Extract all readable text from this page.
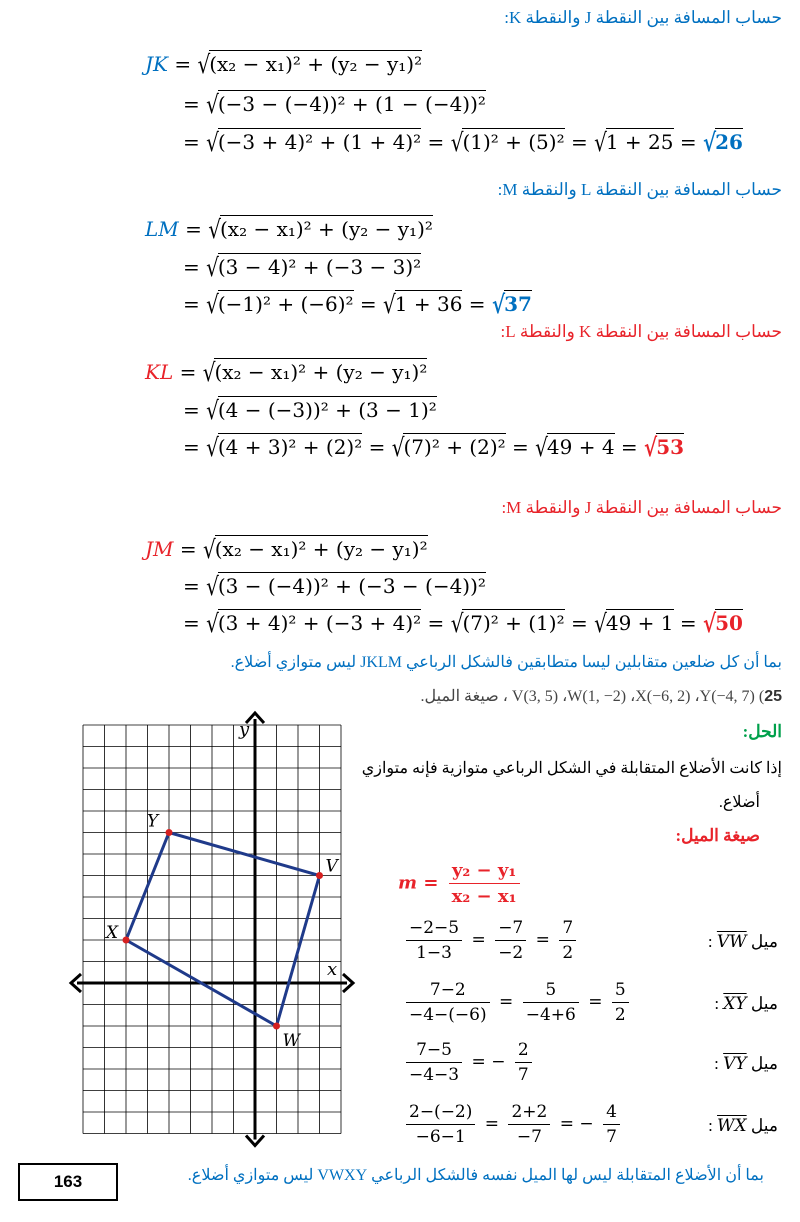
حساب المسافة بين النقطة J والنقطة K:
JK = √(x₂ − x₁)² + (y₂ − y₁)²
= √(−3 − (−4))² + (1 − (−4))²
= √(−3 + 4)² + (1 + 4)² = √(1)² + (5)² = √1 + 25 = √26
حساب المسافة بين النقطة L والنقطة M:
LM = √(x₂ − x₁)² + (y₂ − y₁)²
= √(3 − 4)² + (−3 − 3)²
= √(−1)² + (−6)² = √1 + 36 = √37
حساب المسافة بين النقطة K والنقطة L:
KL = √(x₂ − x₁)² + (y₂ − y₁)²
= √(4 − (−3))² + (3 − 1)²
= √(4 + 3)² + (2)² = √(7)² + (2)² = √49 + 4 = √53
حساب المسافة بين النقطة J والنقطة M:
JM = √(x₂ − x₁)² + (y₂ − y₁)²
= √(3 − (−4))² + (−3 − (−4))²
= √(3 + 4)² + (−3 + 4)² = √(7)² + (1)² = √49 + 1 = √50
بما أن كل ضلعين متقابلين ليسا متطابقين فالشكل الرباعي JKLM ليس متوازي أضلاع.
25) V(3, 5) ،W(1, −2) ،X(−6, 2) ،Y(−4, 7) ، صيغة الميل.
الحل:
إذا كانت الأضلاع المتقابلة في الشكل الرباعي متوازية فإنه متوازي
أضلاع.
صيغة الميل:
$m = \frac{\text{y₂ − y₁}}{\text{x₂ − x₁}}$
$\frac{-2-5}{1-3} = \frac{-7}{-2} = \frac{7}{2}$	ميل $\overline{VW}$ :
$\frac{7-2}{-4-(-6)} = \frac{5}{-4+6} = \frac{5}{2}$	ميل $\overline{XY}$ :
$\frac{7-5}{-4-3}$ = − $\frac{2}{7}$	ميل $\overline{VY}$ :
$\frac{2-(-2)}{-6-1} = \frac{2+2}{-7}$ = − $\frac{4}{7}$	ميل $\overline{WX}$ :
x
y
Y
V
W
X
بما أن الأضلاع المتقابلة ليس لها الميل نفسه فالشكل الرباعي VWXY ليس متوازي أضلاع.
163
